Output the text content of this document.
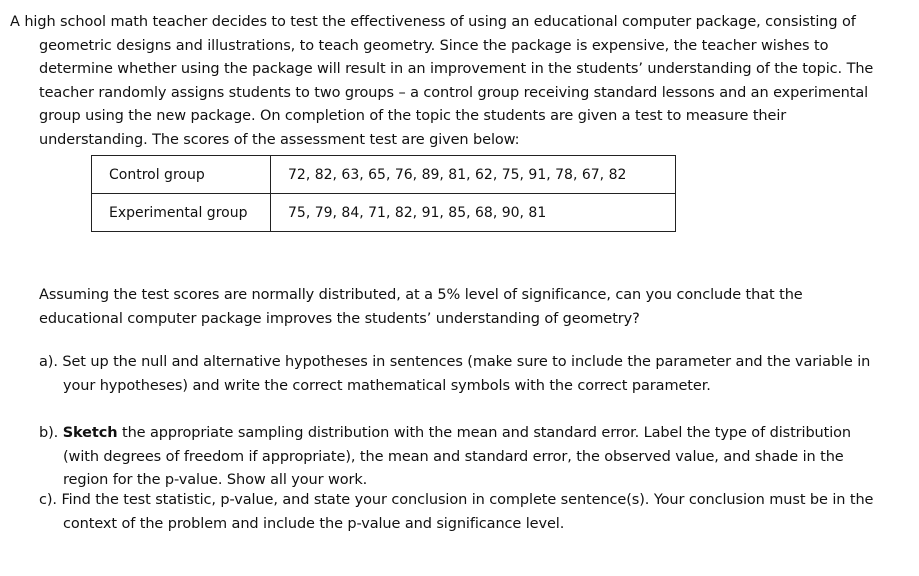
A high school math teacher decides to test the effectiveness of using an educational computer package, consisting of geometric designs and illustrations, to teach geometry. Since the package is expensive, the teacher wishes to determine whether using the package will result in an improvement in the students’ understanding of the topic. The teacher randomly assigns students to two groups – a control group receiving standard lessons and an experimental group using the new package. On completion of the topic the students are given a test to measure their understanding. The scores of the assessment test are given below:

Control group	72, 82, 63, 65, 76, 89, 81, 62, 75, 91, 78, 67, 82
Experimental group	75, 79, 84, 71, 82, 91, 85, 68, 90, 81

Assuming the test scores are normally distributed, at a 5% level of significance, can you conclude that the educational computer package improves the students’ understanding of geometry?

a). Set up the null and alternative hypotheses in sentences (make sure to include the parameter and the variable in your hypotheses) and write the correct mathematical symbols with the correct parameter.

b). Sketch the appropriate sampling distribution with the mean and standard error. Label the type of distribution (with degrees of freedom if appropriate), the mean and standard error, the observed value, and shade in the region for the p-value. Show all your work.

c). Find the test statistic, p-value, and state your conclusion in complete sentence(s). Your conclusion must be in the context of the problem and include the p-value and significance level.
